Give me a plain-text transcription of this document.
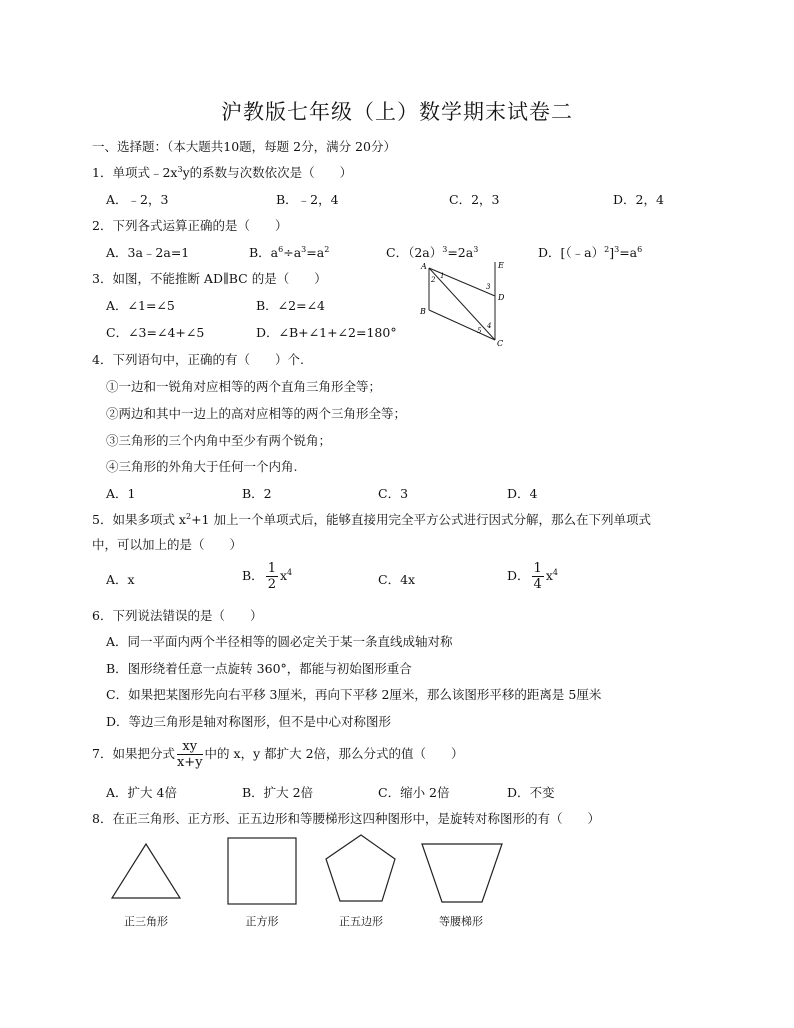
沪教版七年级（上）数学期末试卷二
一、选择题：（本大题共10题，每题 2分，满分 20分）
1．单项式$﹣2x^3y$的系数与次数依次是（　　）
A．﹣2，3	B．﹣2，4	C．2，3	D．2，4
2．下列各式运算正确的是（　　）
A．3a﹣2a=1	B．$a^6\div a^3=a^2$	C．$(2a)^3=2a^3$	D．$[(﹣a)^2]^3=a^6$
3．如图，不能推断 AD∥BC 的是（　　）
A．∠1=∠5	B．∠2=∠4
C．∠3=∠4+∠5	D．∠B+∠1+∠2=180°
A
B
C
D
E
1
2
3
4
5
4．下列语句中，正确的有（　　）个.
①一边和一锐角对应相等的两个直角三角形全等；
②两边和其中一边上的高对应相等的两个三角形全等；
③三角形的三个内角中至少有两个锐角；
④三角形的外角大于任何一个内角.
A．1	B．2	C．3	D．4
5．如果多项式 $x^2+1$ 加上一个单项式后，能够直接用完全平方公式进行因式分解，那么在下列单项式
中，可以加上的是（　　）
A．x	B． $\frac{1}{2} x^4$	C．4x	D． $\frac{1}{4} x^4$
6．下列说法错误的是（　　）
A．同一平面内两个半径相等的圆必定关于某一条直线成轴对称
B．图形绕着任意一点旋转 360°，都能与初始图形重合
C．如果把某图形先向右平移 3厘米，再向下平移 2厘米，那么该图形平移的距离是 5厘米
D．等边三角形是轴对称图形，但不是中心对称图形
7．如果把分式 $\frac{xy}{x+y}$ 中的 x，y 都扩大 2倍，那么分式的值（　　）
A．扩大 4倍	B．扩大 2倍	C．缩小 2倍	D．不变
8．在正三角形、正方形、正五边形和等腰梯形这四种图形中，是旋转对称图形的有（　　）
正三角形	正方形	正五边形	等腰梯形
